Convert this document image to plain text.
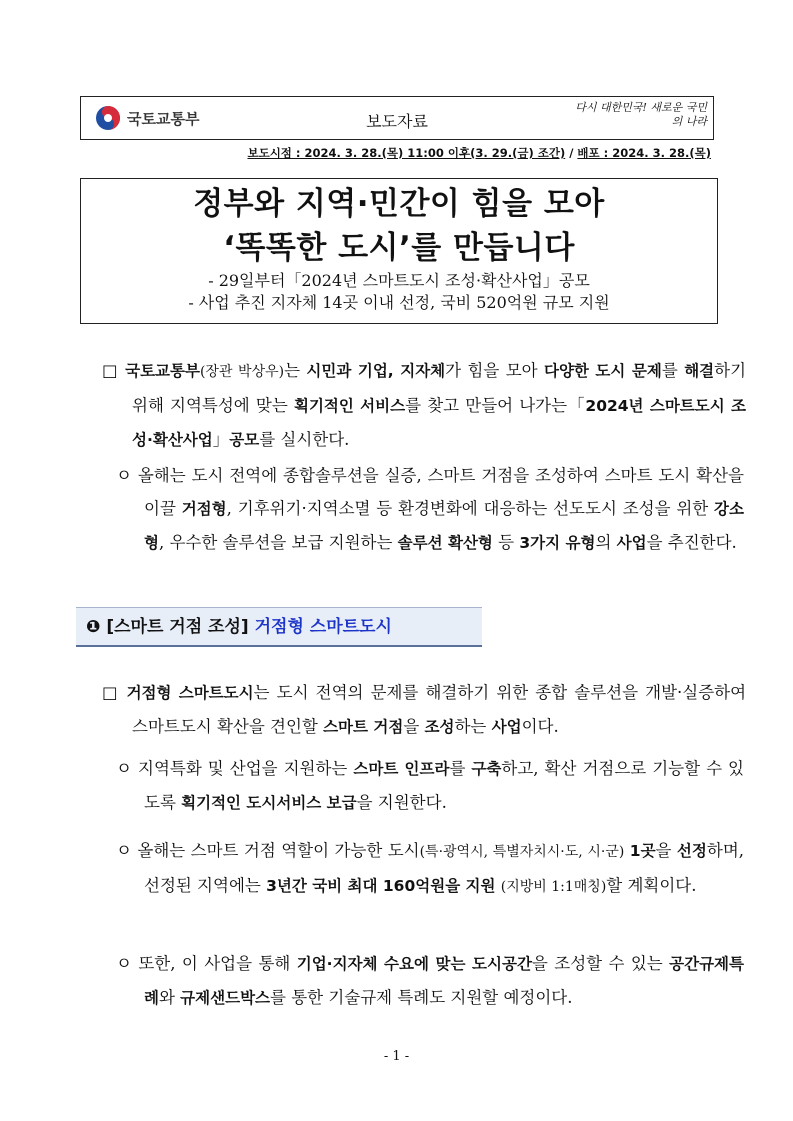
국토교통부	보도자료
다시 대한민국! 새로운 국민의 나라
보도시점 : 2024. 3. 28.(목) 11:00 이후(3. 29.(금) 조간) / 배포 : 2024. 3. 28.(목)
정부와 지역·민간이 힘을 모아
‘똑똑한 도시’를 만듭니다
- 29일부터「2024년 스마트도시 조성·확산사업」공모
- 사업 추진 지자체 14곳 이내 선정, 국비 520억원 규모 지원
□ 국토교통부(장관 박상우)는 시민과 기업, 지자체가 힘을 모아 다양한 도시 문제를 해결하기 위해 지역특성에 맞는 획기적인 서비스를 찾고 만들어 나가는「2024년 스마트도시 조성·확산사업」공모를 실시한다.
ㅇ 올해는 도시 전역에 종합솔루션을 실증, 스마트 거점을 조성하여 스마트 도시 확산을 이끌 거점형, 기후위기·지역소멸 등 환경변화에 대응하는 선도도시 조성을 위한 강소형, 우수한 솔루션을 보급 지원하는 솔루션 확산형 등 3가지 유형의 사업을 추진한다.
❶ [스마트 거점 조성] 거점형 스마트도시
□ 거점형 스마트도시는 도시 전역의 문제를 해결하기 위한 종합 솔루션을 개발·실증하여 스마트도시 확산을 견인할 스마트 거점을 조성하는 사업이다.
ㅇ 지역특화 및 산업을 지원하는 스마트 인프라를 구축하고, 확산 거점으로 기능할 수 있도록 획기적인 도시서비스 보급을 지원한다.
ㅇ 올해는 스마트 거점 역할이 가능한 도시(특·광역시, 특별자치시·도, 시·군) 1곳을 선정하며, 선정된 지역에는 3년간 국비 최대 160억원을 지원 (지방비 1:1매칭)할 계획이다.
ㅇ 또한, 이 사업을 통해 기업·지자체 수요에 맞는 도시공간을 조성할 수 있는 공간규제특례와 규제샌드박스를 통한 기술규제 특례도 지원할 예정이다.
- 1 -
